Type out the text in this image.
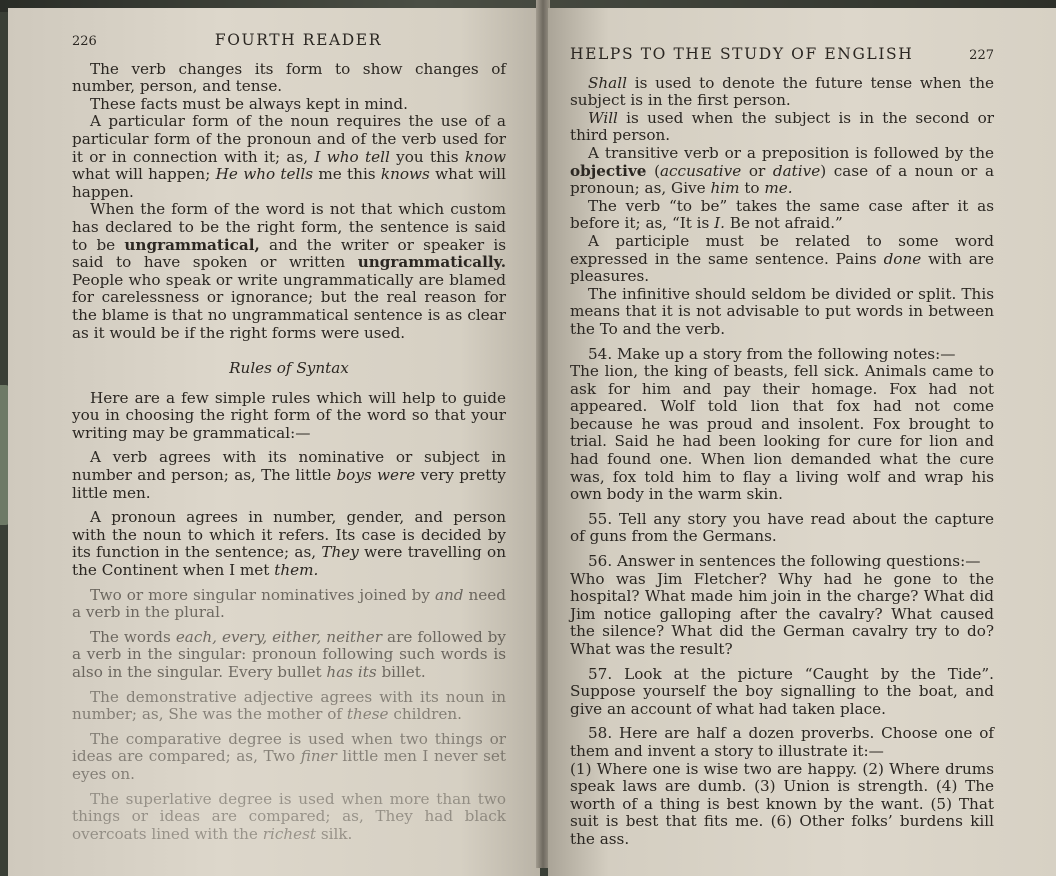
226	FOURTH READER

The verb changes its form to show changes of number, person, and tense.

These facts must be always kept in mind.

A particular form of the noun requires the use of a particular form of the pronoun and of the verb used for it or in connection with it; as, I who tell you this know what will happen; He who tells me this knows what will happen.

When the form of the word is not that which custom has declared to be the right form, the sentence is said to be ungrammatical, and the writer or speaker is said to have spoken or written ungrammatically. People who speak or write ungrammatically are blamed for carelessness or ignorance; but the real reason for the blame is that no ungrammatical sentence is as clear as it would be if the right forms were used.

Rules of Syntax

Here are a few simple rules which will help to guide you in choosing the right form of the word so that your writing may be grammatical:—

A verb agrees with its nominative or subject in number and person; as, The little boys were very pretty little men.

A pronoun agrees in number, gender, and person with the noun to which it refers. Its case is decided by its function in the sentence; as, They were travelling on the Continent when I met them.

Two or more singular nominatives joined by and need a verb in the plural.

The words each, every, either, neither are followed by a verb in the singular: pronoun following such words is also in the singular. Every bullet has its billet.

The demonstrative adjective agrees with its noun in number; as, She was the mother of these children.

The comparative degree is used when two things or ideas are compared; as, Two finer little men I never set eyes on.

The superlative degree is used when more than two things or ideas are compared; as, They had black overcoats lined with the richest silk.

HELPS TO THE STUDY OF ENGLISH	227

Shall is used to denote the future tense when the subject is in the first person.

Will is used when the subject is in the second or third person.

A transitive verb or a preposition is followed by the objective (accusative or dative) case of a noun or a pronoun; as, Give him to me.

The verb “to be” takes the same case after it as before it; as, “It is I. Be not afraid.”

A participle must be related to some word expressed in the same sentence. Pains done with are pleasures.

The infinitive should seldom be divided or split. This means that it is not advisable to put words in between the To and the verb.

54. Make up a story from the following notes:—

The lion, the king of beasts, fell sick. Animals came to ask for him and pay their homage. Fox had not appeared. Wolf told lion that fox had not come because he was proud and insolent. Fox brought to trial. Said he had been looking for cure for lion and had found one. When lion demanded what the cure was, fox told him to flay a living wolf and wrap his own body in the warm skin.

55. Tell any story you have read about the capture of guns from the Germans.

56. Answer in sentences the following questions:—

Who was Jim Fletcher? Why had he gone to the hospital? What made him join in the charge? What did Jim notice galloping after the cavalry? What caused the silence? What did the German cavalry try to do? What was the result?

57. Look at the picture “Caught by the Tide”. Suppose yourself the boy signalling to the boat, and give an account of what had taken place.

58. Here are half a dozen proverbs. Choose one of them and invent a story to illustrate it:—

(1) Where one is wise two are happy. (2) Where drums speak laws are dumb. (3) Union is strength. (4) The worth of a thing is best known by the want. (5) That suit is best that fits me. (6) Other folks’ burdens kill the ass.
